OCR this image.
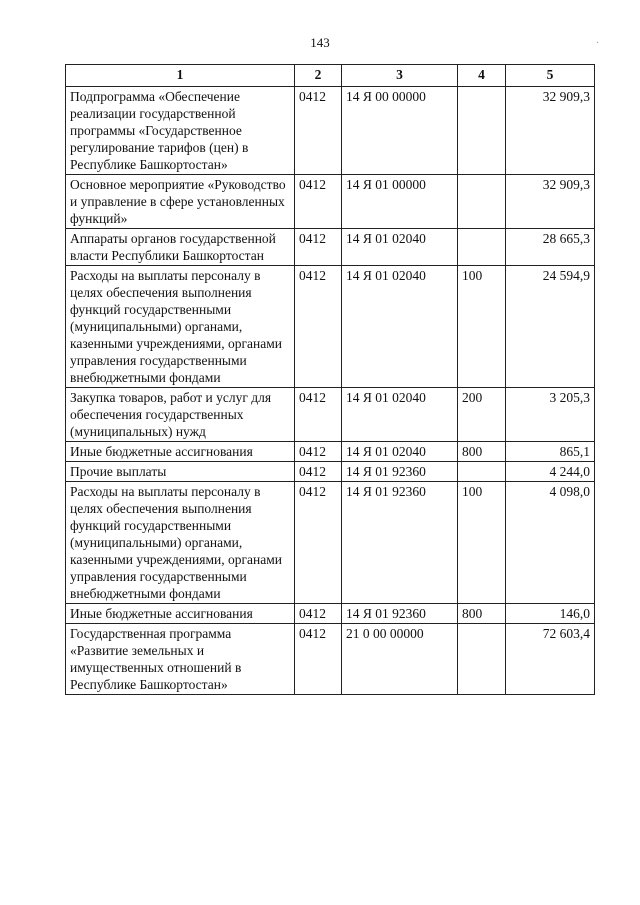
143	·
1	2	3	4	5
Подпрограмма «Обеспечение реализации государственной программы «Государственное регулирование тарифов (цен) в Республике Башкортостан»	0412	14 Я 00 00000		32 909,3
Основное мероприятие «Руководство и управление в сфере установленных функций»	0412	14 Я 01 00000		32 909,3
Аппараты органов государственной власти Республики Башкортостан	0412	14 Я 01 02040		28 665,3
Расходы на выплаты персоналу в целях обеспечения выполнения функций государственными (муниципальными) органами, казенными учреждениями, органами управления государственными внебюджетными фондами	0412	14 Я 01 02040	100	24 594,9
Закупка товаров, работ и услуг для обеспечения государственных (муниципальных) нужд	0412	14 Я 01 02040	200	3 205,3
Иные бюджетные ассигнования	0412	14 Я 01 02040	800	865,1
Прочие выплаты	0412	14 Я 01 92360		4 244,0
Расходы на выплаты персоналу в целях обеспечения выполнения функций государственными (муниципальными) органами, казенными учреждениями, органами управления государственными внебюджетными фондами	0412	14 Я 01 92360	100	4 098,0
Иные бюджетные ассигнования	0412	14 Я 01 92360	800	146,0
Государственная программа «Развитие земельных и имущественных отношений в Республике Башкортостан»	0412	21 0 00 00000		72 603,4
